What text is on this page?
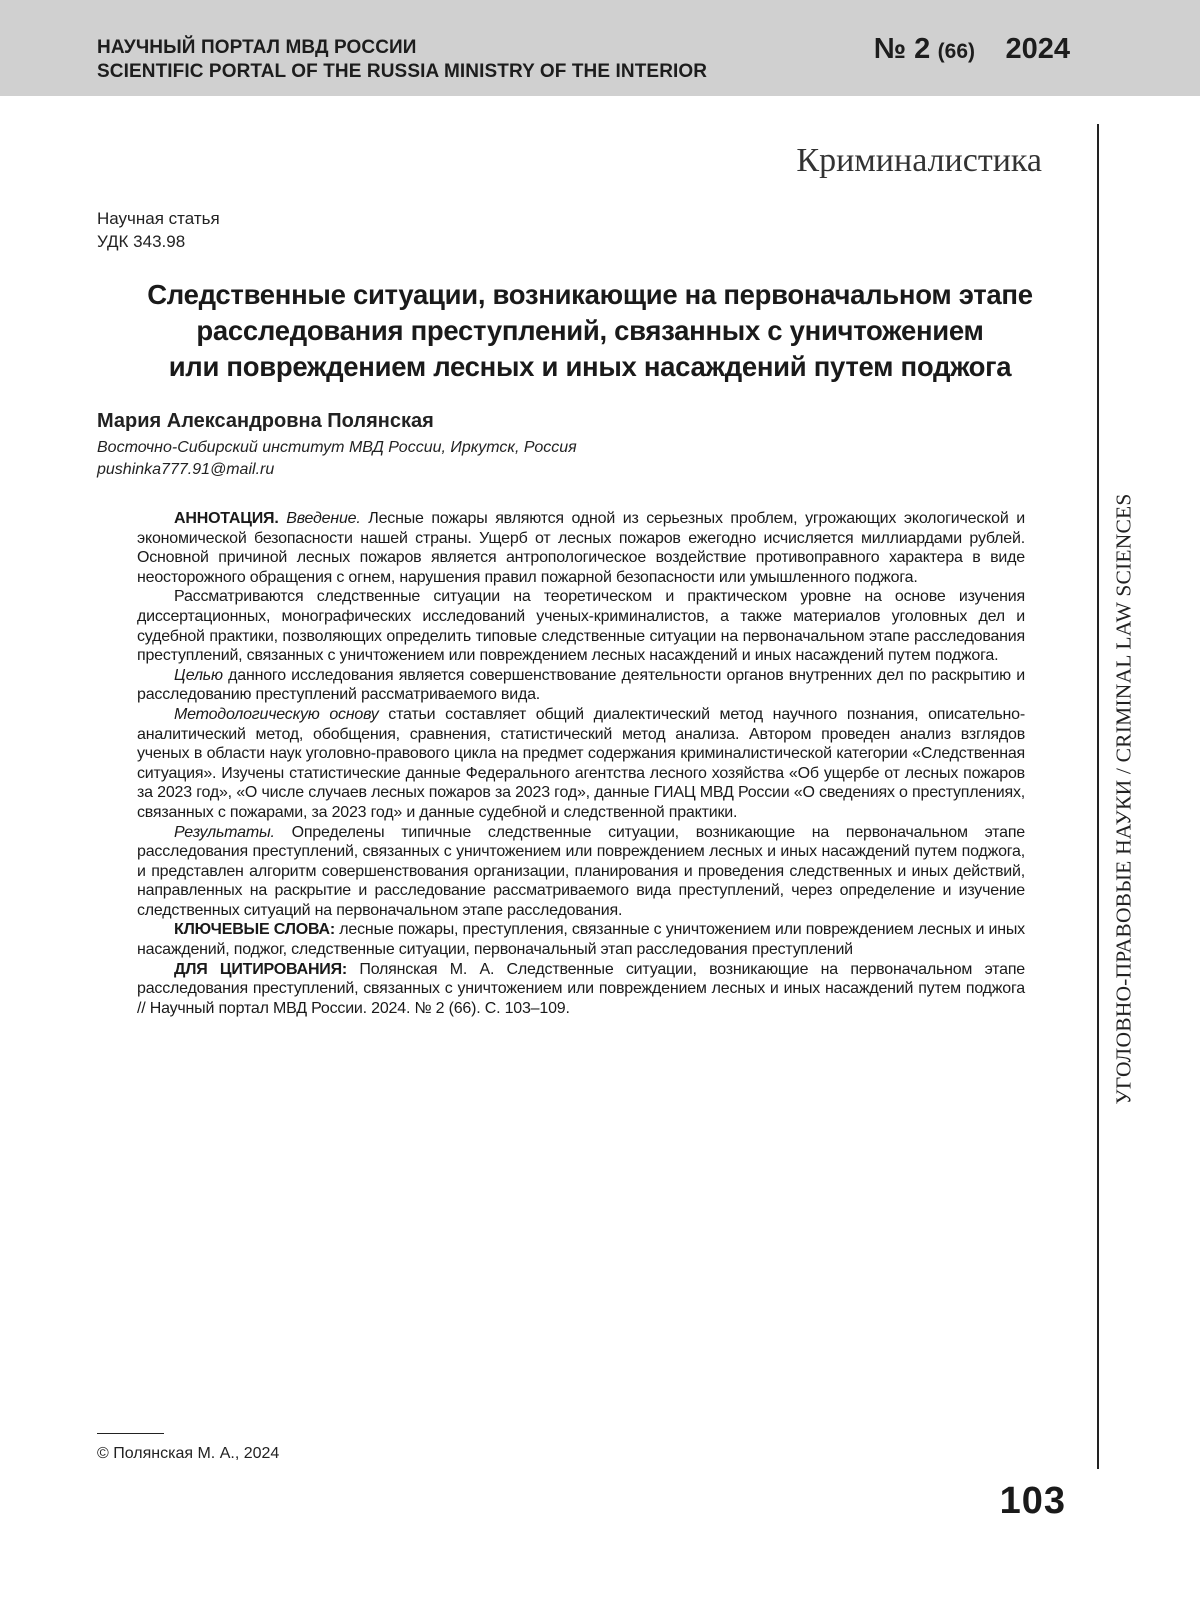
НАУЧНЫЙ ПОРТАЛ МВД РОССИИ
SCIENTIFIC PORTAL OF THE RUSSIA MINISTRY OF THE INTERIOR
№ 2 (66) 2024
УГОЛОВНО-ПРАВОВЫЕ НАУКИ / CRIMINAL LAW SCIENCES
Криминалистика
Научная статья
УДК 343.98
Следственные ситуации, возникающие на первоначальном этапе
расследования преступлений, связанных с уничтожением
или повреждением лесных и иных насаждений путем поджога
Мария Александровна Полянская
Восточно-Сибирский институт МВД России, Иркутск, Россия
pushinka777.91@mail.ru

АННОТАЦИЯ. Введение. Лесные пожары являются одной из серьезных проблем, угрожающих экологической и экономической безопасности нашей страны. Ущерб от лесных пожаров ежегодно исчисляется миллиардами рублей. Основной причиной лесных пожаров является антропологическое воздействие противоправного характера в виде неосторожного обращения с огнем, нарушения правил пожарной безопасности или умышленного поджога.

Рассматриваются следственные ситуации на теоретическом и практическом уровне на основе изучения диссертационных, монографических исследований ученых-криминалистов, а также материалов уголовных дел и судебной практики, позволяющих определить типовые следственные ситуации на первоначальном этапе расследования преступлений, связанных с уничтожением или повреждением лесных насаждений и иных насаждений путем поджога.

Целью данного исследования является совершенствование деятельности органов внутренних дел по раскрытию и расследованию преступлений рассматриваемого вида.

Методологическую основу статьи составляет общий диалектический метод научного познания, описательно-аналитический метод, обобщения, сравнения, статистический метод анализа. Автором проведен анализ взглядов ученых в области наук уголовно-правового цикла на предмет содержания криминалистической категории «Следственная ситуация». Изучены статистические данные Федерального агентства лесного хозяйства «Об ущербе от лесных пожаров за 2023 год», «О числе случаев лесных пожаров за 2023 год», данные ГИАЦ МВД России «О сведениях о преступлениях, связанных с пожарами, за 2023 год» и данные судебной и следственной практики.

Результаты. Определены типичные следственные ситуации, возникающие на первоначальном этапе расследования преступлений, связанных с уничтожением или повреждением лесных и иных насаждений путем поджога, и представлен алгоритм совершенствования организации, планирования и проведения следственных и иных действий, направленных на раскрытие и расследование рассматриваемого вида преступлений, через определение и изучение следственных ситуаций на первоначальном этапе расследования.

КЛЮЧЕВЫЕ СЛОВА: лесные пожары, преступления, связанные с уничтожением или повреждением лесных и иных насаждений, поджог, следственные ситуации, первоначальный этап расследования преступлений

ДЛЯ ЦИТИРОВАНИЯ: Полянская М. А. Следственные ситуации, возникающие на первоначальном этапе расследования преступлений, связанных с уничтожением или повреждением лесных и иных насаждений путем поджога // Научный портал МВД России. 2024. № 2 (66). С. 103–109.

© Полянская М. А., 2024
103
